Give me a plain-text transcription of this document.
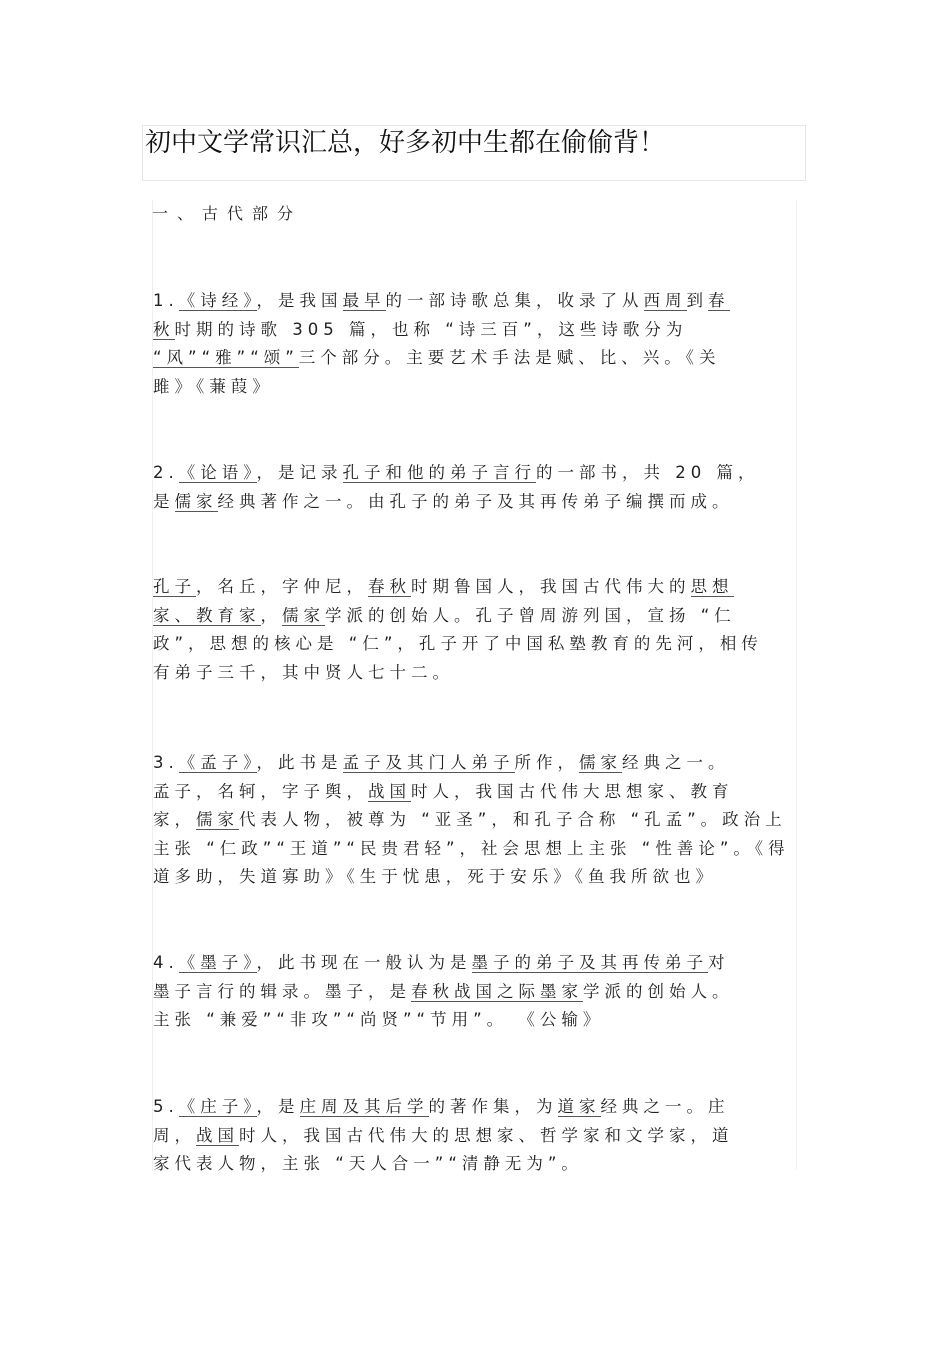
初中文学常识汇总，好多初中生都在偷偷背！
一、古代部分
1.《诗经》，是我国最早的一部诗歌总集，收录了从西周到春
秋时期的诗歌 305 篇，也称 “诗三百”，这些诗歌分为
“风”“雅”“颂”三个部分。主要艺术手法是赋、比、兴。《关
雎》《蒹葭》
2.《论语》，是记录孔子和他的弟子言行的一部书，共 20 篇，
是儒家经典著作之一。由孔子的弟子及其再传弟子编撰而成。
孔子，名丘，字仲尼，春秋时期鲁国人，我国古代伟大的思想
家、教育家，儒家学派的创始人。孔子曾周游列国，宣扬 “仁
政”，思想的核心是 “仁”，孔子开了中国私塾教育的先河，相传
有弟子三千，其中贤人七十二。
3.《孟子》，此书是孟子及其门人弟子所作，儒家经典之一。
孟子，名轲，字子舆，战国时人，我国古代伟大思想家、教育
家，儒家代表人物，被尊为 “亚圣”，和孔子合称 “孔孟”。政治上
主张 “仁政”“王道”“民贵君轻”，社会思想上主张 “性善论”。《得
道多助，失道寡助》《生于忧患，死于安乐》《鱼我所欲也》
4.《墨子》，此书现在一般认为是墨子的弟子及其再传弟子对
墨子言行的辑录。墨子，是春秋战国之际墨家学派的创始人。
主张 “兼爱”“非攻”“尚贤”“节用”。 《公输》
5.《庄子》，是庄周及其后学的著作集，为道家经典之一。庄
周，战国时人，我国古代伟大的思想家、哲学家和文学家，道
家代表人物，主张 “天人合一”“清静无为”。
